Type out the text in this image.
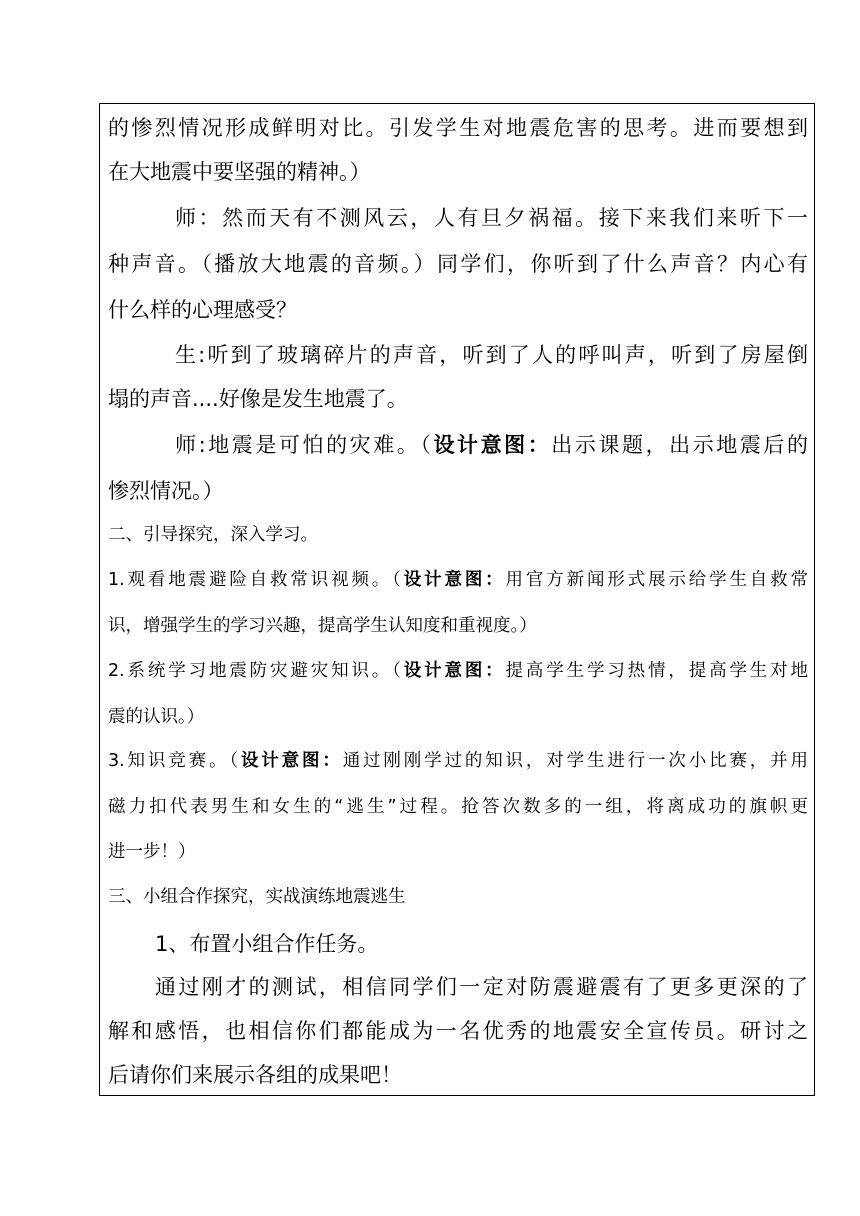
的惨烈情况形成鲜明对比。引发学生对地震危害的思考。进而要想到
在大地震中要坚强的精神。）
师：然而天有不测风云，人有旦夕祸福。接下来我们来听下一
种声音。（播放大地震的音频。）同学们，你听到了什么声音？内心有
什么样的心理感受？
生:听到了玻璃碎片的声音，听到了人的呼叫声，听到了房屋倒
塌的声音....好像是发生地震了。
师:地震是可怕的灾难。（设计意图：出示课题，出示地震后的
惨烈情况。）
二、引导探究，深入学习。
1.观看地震避险自救常识视频。（设计意图：用官方新闻形式展示给学生自救常
识，增强学生的学习兴趣，提高学生认知度和重视度。）
2.系统学习地震防灾避灾知识。（设计意图：提高学生学习热情，提高学生对地
震的认识。）
3.知识竞赛。（设计意图：通过刚刚学过的知识，对学生进行一次小比赛，并用
磁力扣代表男生和女生的“逃生”过程。抢答次数多的一组，将离成功的旗帜更
进一步！）
三、小组合作探究，实战演练地震逃生
1、布置小组合作任务。
通过刚才的测试，相信同学们一定对防震避震有了更多更深的了
解和感悟，也相信你们都能成为一名优秀的地震安全宣传员。研讨之
后请你们来展示各组的成果吧！
